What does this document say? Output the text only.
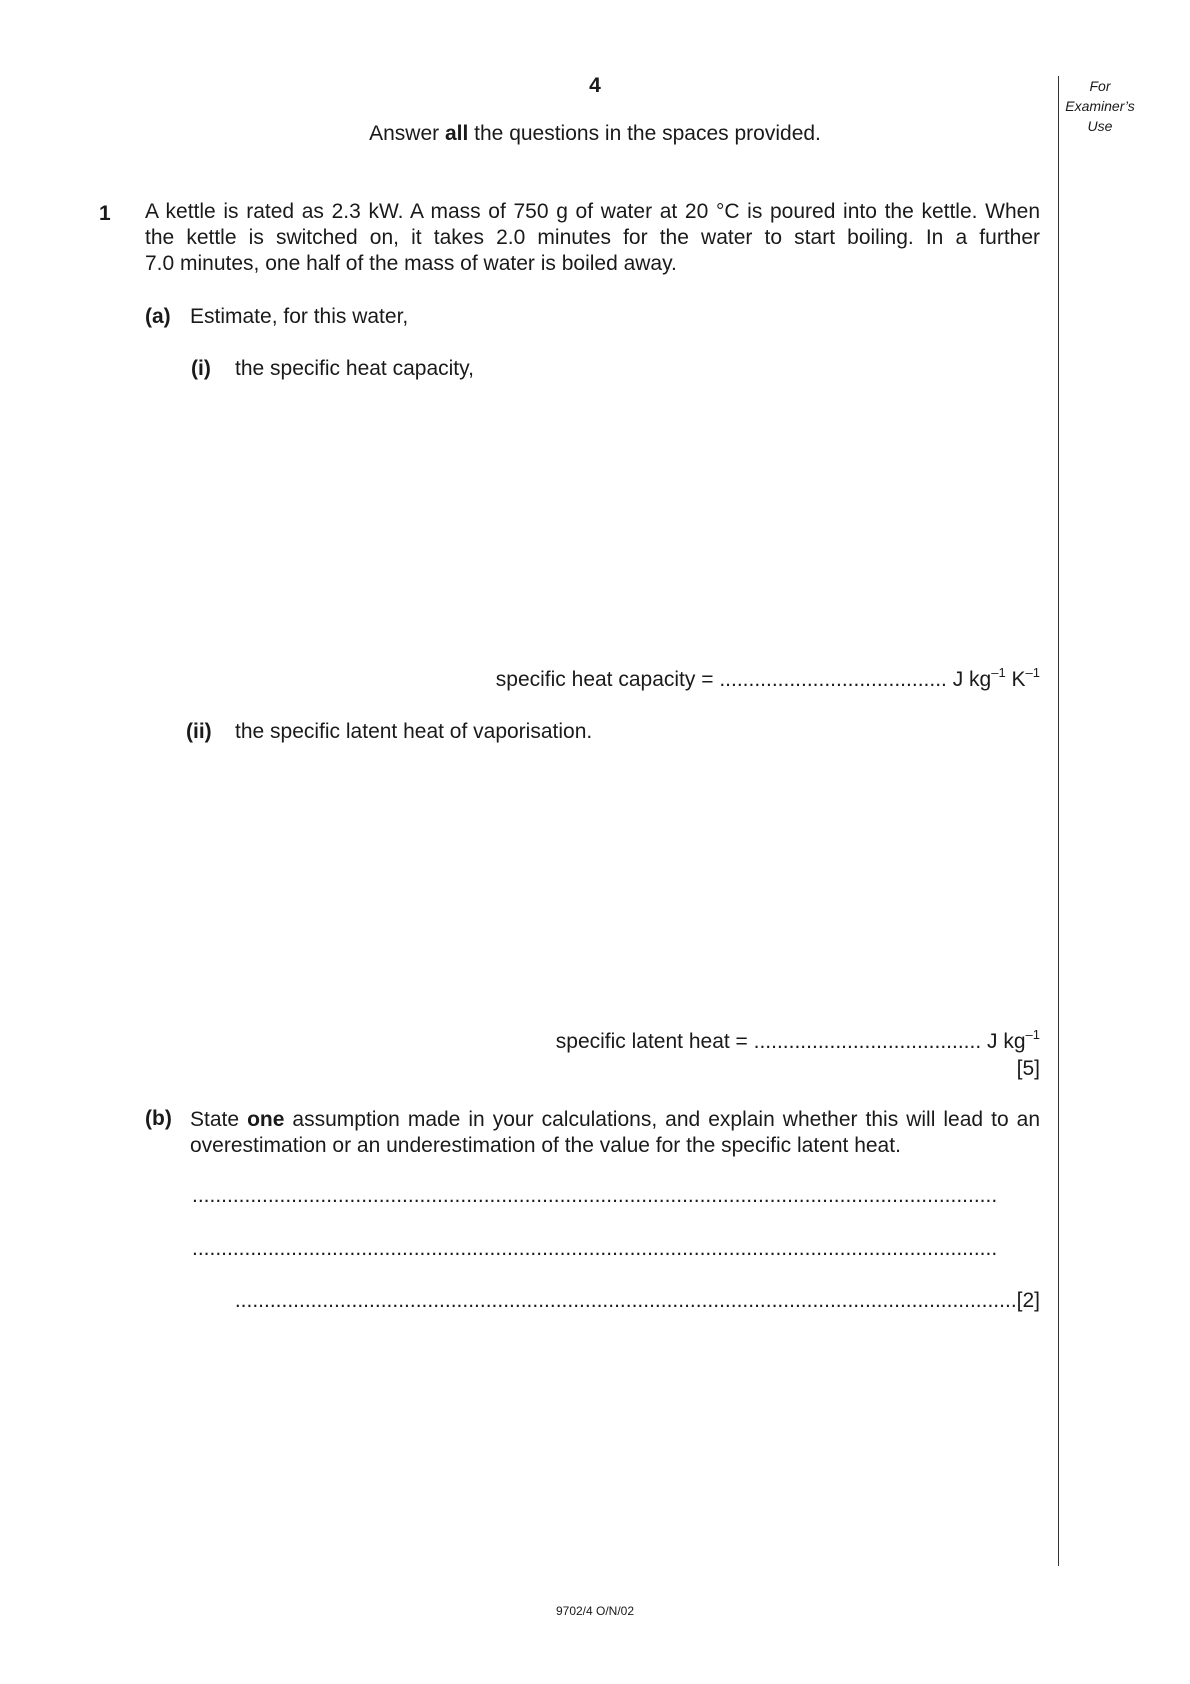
4
Answer all the questions in the spaces provided.
For
Examiner’s
Use
1 A kettle is rated as 2.3 kW. A mass of 750 g of water at 20 °C is poured into the kettle. When
the kettle is switched on, it takes 2.0 minutes for the water to start boiling. In a further
7.0 minutes, one half of the mass of water is boiled away.
(a) Estimate, for this water,
(i) the specific heat capacity,
specific heat capacity = ....................................... J $kg^{-1}$ $K^{-1}$
(ii) the specific latent heat of vaporisation.
specific latent heat = ....................................... J $kg^{-1}$
[5]
(b) State one assumption made in your calculations, and explain whether this will lead to an overestimation or an underestimation of the value for the specific latent heat.
..........................................................................................................................................
..........................................................................................................................................
......................................................................................................................................[2]
9702/4 O/N/02
